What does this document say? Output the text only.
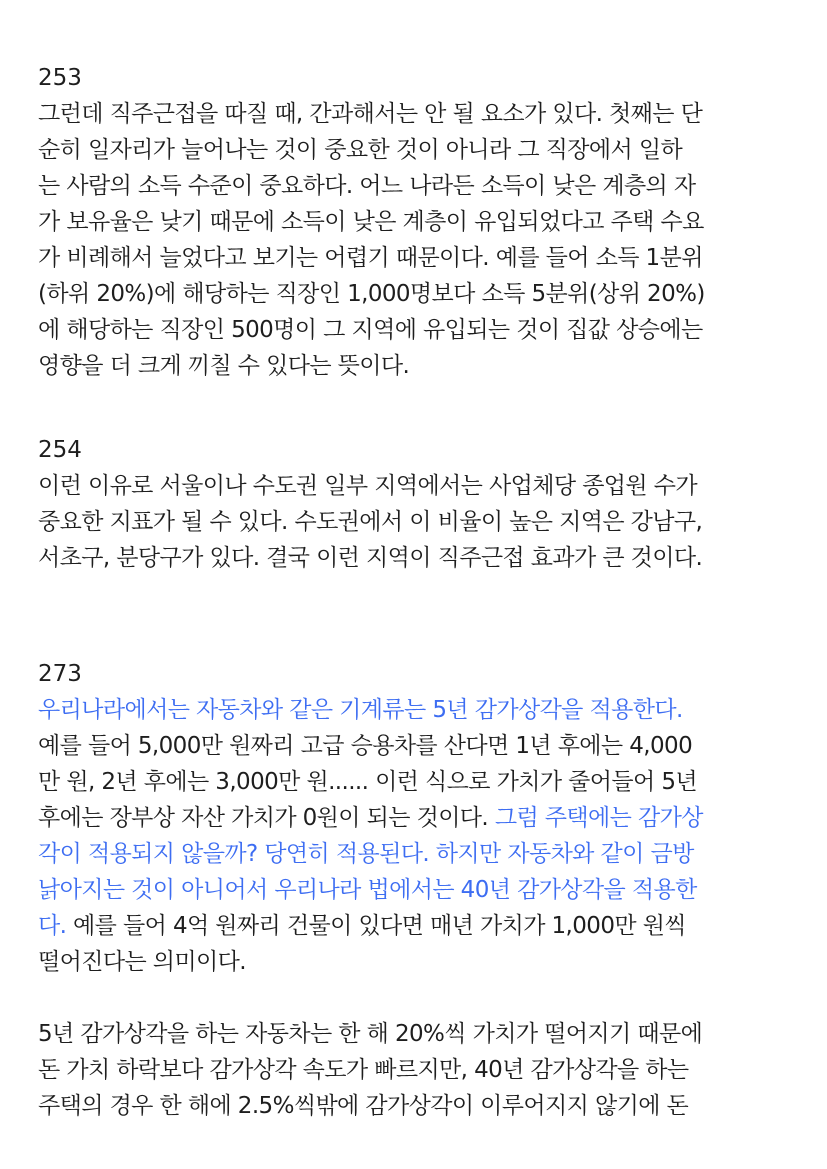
253
그런데 직주근접을 따질 때, 간과해서는 안 될 요소가 있다. 첫째는 단
순히 일자리가 늘어나는 것이 중요한 것이 아니라 그 직장에서 일하
는 사람의 소득 수준이 중요하다. 어느 나라든 소득이 낮은 계층의 자
가 보유율은 낮기 때문에 소득이 낮은 계층이 유입되었다고 주택 수요
가 비례해서 늘었다고 보기는 어렵기 때문이다. 예를 들어 소득 1분위
(하위 20%)에 해당하는 직장인 1,000명보다 소득 5분위(상위 20%)
에 해당하는 직장인 500명이 그 지역에 유입되는 것이 집값 상승에는
영향을 더 크게 끼칠 수 있다는 뜻이다.
254
이런 이유로 서울이나 수도권 일부 지역에서는 사업체당 종업원 수가
중요한 지표가 될 수 있다. 수도권에서 이 비율이 높은 지역은 강남구,
서초구, 분당구가 있다. 결국 이런 지역이 직주근접 효과가 큰 것이다.
273
우리나라에서는 자동차와 같은 기계류는 5년 감가상각을 적용한다.
예를 들어 5,000만 원짜리 고급 승용차를 산다면 1년 후에는 4,000
만 원, 2년 후에는 3,000만 원...... 이런 식으로 가치가 줄어들어 5년
후에는 장부상 자산 가치가 0원이 되는 것이다. 그럼 주택에는 감가상
각이 적용되지 않을까? 당연히 적용된다. 하지만 자동차와 같이 금방
낡아지는 것이 아니어서 우리나라 법에서는 40년 감가상각을 적용한
다. 예를 들어 4억 원짜리 건물이 있다면 매년 가치가 1,000만 원씩
떨어진다는 의미이다.
5년 감가상각을 하는 자동차는 한 해 20%씩 가치가 떨어지기 때문에
돈 가치 하락보다 감가상각 속도가 빠르지만, 40년 감가상각을 하는
주택의 경우 한 해에 2.5%씩밖에 감가상각이 이루어지지 않기에 돈
